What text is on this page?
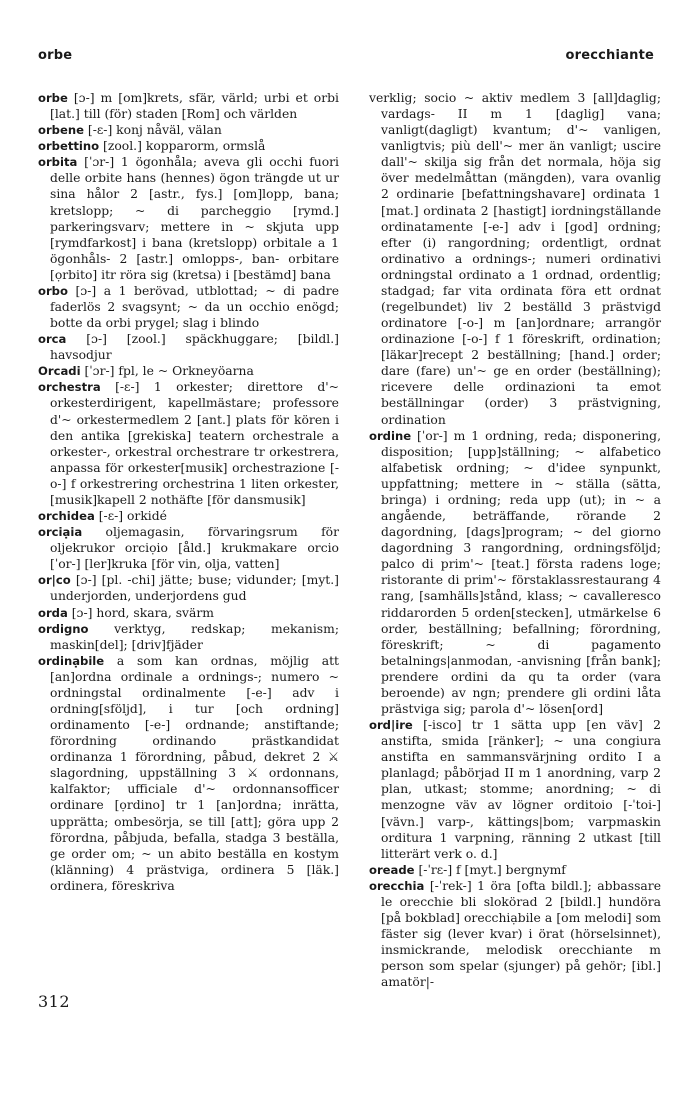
orbe	orecchiante

orbe [ɔ-] m [om]krets, sfär, värld; urbi et orbi [lat.] till (för) staden [Rom] och världen

orbene [-ɛ-] konj nåväl, välan

orbettino [zool.] kopparorm, ormslå

orbita [ˈɔr-] 1 ögonhåla; aveva gli occhi fuori delle orbite hans (hennes) ögon trängde ut ur sina hålor 2 [astr., fys.] [om]lopp, bana; kretslopp; ~ di parcheggio [rymd.] parkeringsvarv; mettere in ~ skjuta upp [rymdfarkost] i bana (kretslopp) orbitale a 1 ögonhåls- 2 [astr.] omlopps-, ban- orbitare [ọrbito] itr röra sig (kretsa) i [bestämd] bana

orbo [ɔ-] a 1 berövad, utblottad; ~ di padre faderlös 2 svagsynt; ~ da un occhio enögd; botte da orbi prygel; slag i blindo

orca [ɔ-] [zool.] späckhuggare; [bildl.] havsodjur

Orcadi [ˈɔr-] fpl, le ~ Orkneyöarna

orchestra [-ɛ-] 1 orkester; direttore d'~ orkesterdirigent, kapellmästare; professore d'~ orkestermedlem 2 [ant.] plats för kören i den antika [grekiska] teatern orchestrale a orkester-, orkestral orchestrare tr orkestrera, anpassa för orkester[musik] orchestrazione [-o-] f orkestrering orchestrina 1 liten orkester, [musik]kapell 2 nothäfte [för dansmusik]

orchidea [-ɛ-] orkidé

orciạia oljemagasin, förvaringsrum för oljekrukor orciọio [åld.] krukmakare orcio [ˈor-] [ler]kruka [för vin, olja, vatten]

or|co [ɔ-] [pl. -chi] jätte; buse; vidunder; [myt.] underjorden, underjordens gud

orda [ɔ-] hord, skara, svärm

ordigno verktyg, redskap; mekanism; maskin[del]; [driv]fjäder

ordinạbile a som kan ordnas, möjlig att [an]ordna ordinale a ordnings-; numero ~ ordningstal ordinalmente [-e-] adv i ordning[sföljd], i tur [och ordning] ordinamento [-e-] ordnande; anstiftande; förordning ordinando prästkandidat ordinanza 1 förordning, påbud, dekret 2 ⚔ slagordning, uppställning 3 ⚔ ordonnans, kalfaktor; ufficiale d'~ ordonnansofficer ordinare [ọrdino] tr 1 [an]ordna; inrätta, upprätta; ombesörja, se till [att]; göra upp 2 förordna, påbjuda, befalla, stadga 3 beställa, ge order om; ~ un abito beställa en kostym (klänning) 4 prästviga, ordinera 5 [läk.] ordinera, föreskriva

verklig; socio ~ aktiv medlem 3 [all]daglig; vardags- II m 1 [daglig] vana; vanligt(dagligt) kvantum; d'~ vanligen, vanligtvis; più dell'~ mer än vanligt; uscire dall'~ skilja sig från det normala, höja sig över medelmåttan (mängden), vara ovanlig 2 ordinarie [befattningshavare] ordinata 1 [mat.] ordinata 2 [hastigt] iordningställande ordinatamente [-e-] adv i [god] ordning; efter (i) rangordning; ordentligt, ordnat ordinativo a ordnings-; numeri ordinativi ordningstal ordinato a 1 ordnad, ordentlig; stadgad; far vita ordinata föra ett ordnat (regelbundet) liv 2 beställd 3 prästvigd ordinatore [-o-] m [an]ordnare; arrangör ordinazione [-o-] f 1 föreskrift, ordination; [läkar]recept 2 beställning; [hand.] order; dare (fare) un'~ ge en order (beställning); ricevere delle ordinazioni ta emot beställningar (order) 3 prästvigning, ordination

ordine [ˈor-] m 1 ordning, reda; disponering, disposition; [upp]ställning; ~ alfabetico alfabetisk ordning; ~ d'idee synpunkt, uppfattning; mettere in ~ ställa (sätta, bringa) i ordning; reda upp (ut); in ~ a angående, beträffande, rörande 2 dagordning, [dags]program; ~ del giorno dagordning 3 rangordning, ordningsföljd; palco di prim'~ [teat.] första radens loge; ristorante di prim'~ förstaklassrestaurang 4 rang, [samhälls]stånd, klass; ~ cavalleresco riddarorden 5 orden[stecken], utmärkelse 6 order, beställning; befallning; förordning, föreskrift; ~ di pagamento betalnings|anmodan, -anvisning [från bank]; prendere ordini da qu ta order (vara beroende) av ngn; prendere gli ordini låta prästviga sig; parola d'~ lösen[ord]

ord|ire [-isco] tr 1 sätta upp [en väv] 2 anstifta, smida [ränker]; ~ una congiura anstifta en sammansvärjning ordito I a planlagd; påbörjad II m 1 anordning, varp 2 plan, utkast; stomme; anordning; ~ di menzogne väv av lögner orditoio [-ˈtoi-] [vävn.] varp-, kättings|bom; varpmaskin orditura 1 varpning, ränning 2 utkast [till litterärt verk o. d.]

oreade [-ˈrɛ-] f [myt.] bergnymf

orecchia [-ˈrek-] 1 öra [ofta bildl.]; abbassare le orecchie bli slokörad 2 [bildl.] hundöra [på bokblad] orecchiạbile a [om melodi] som fäster sig (lever kvar) i örat (hörselsinnet), insmickrande, melodisk orecchiante m person som spelar (sjunger) på gehör; [ibl.] amatör|-

312
